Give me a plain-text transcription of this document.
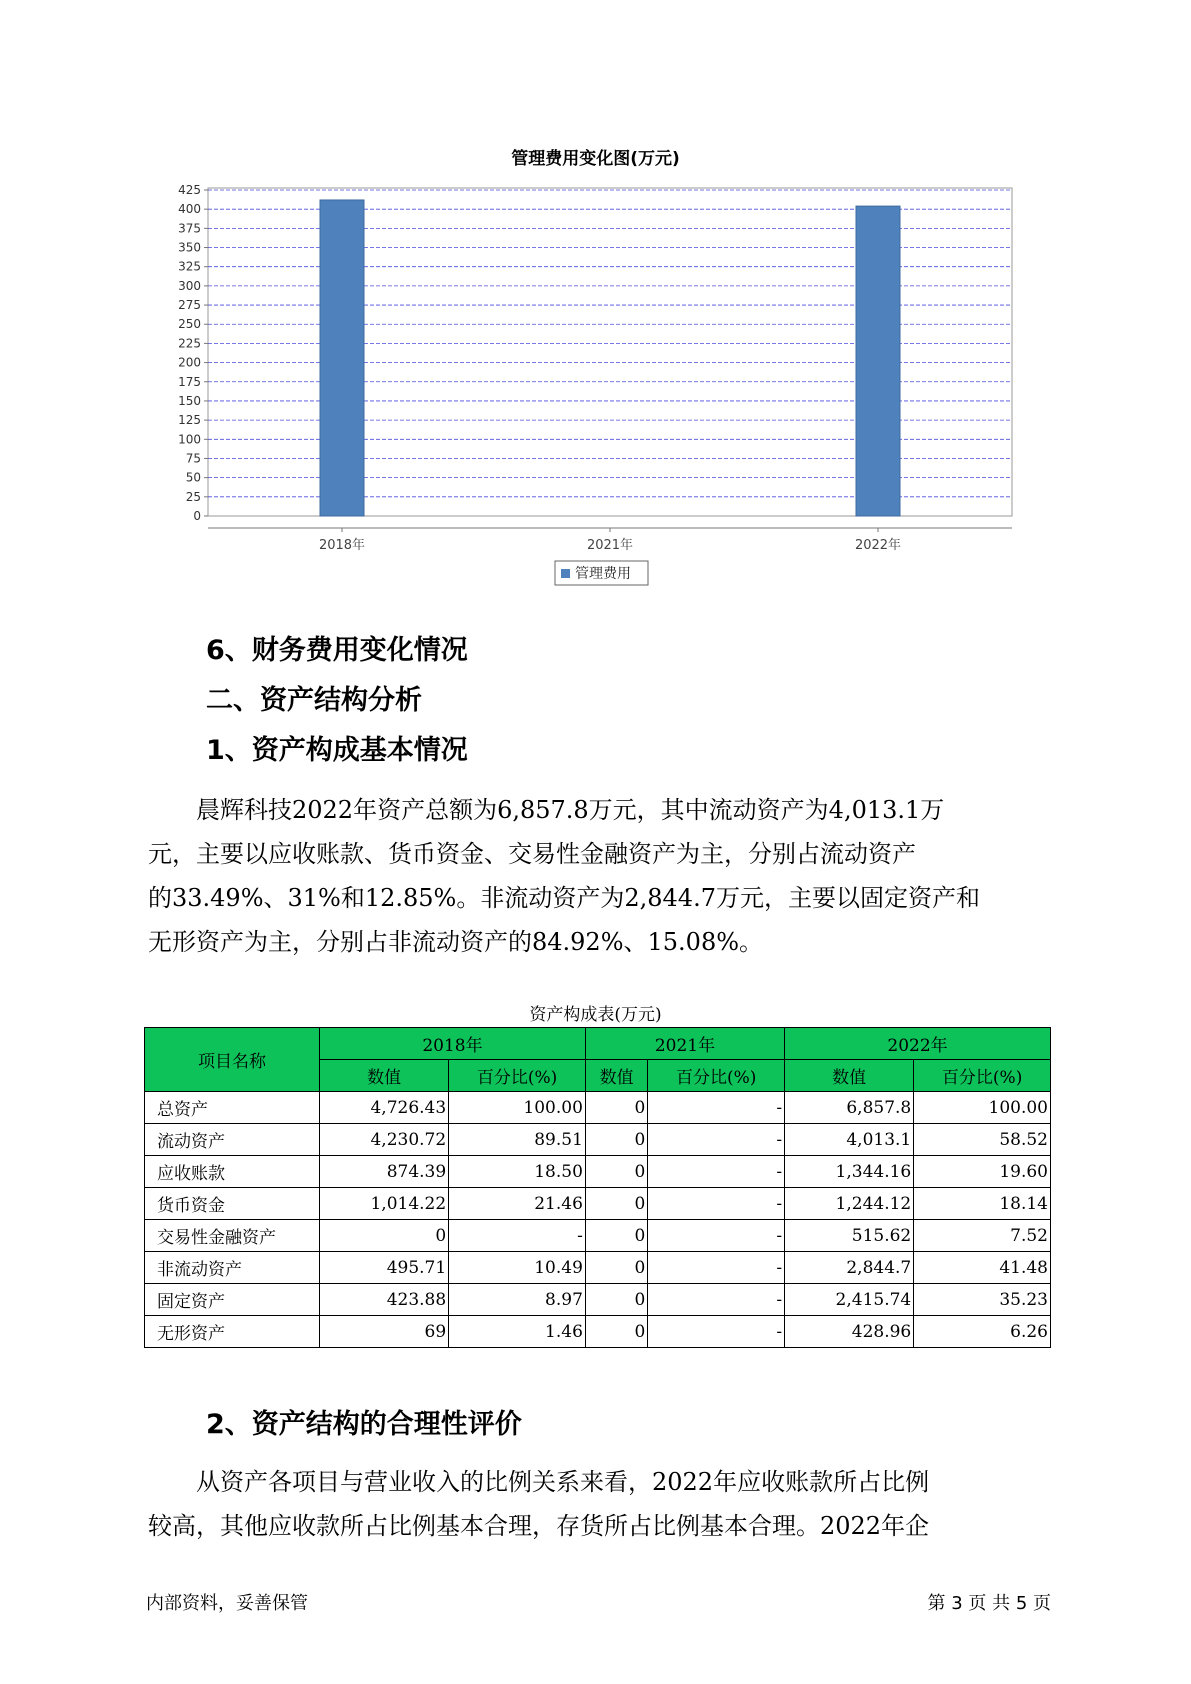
管理费用变化图(万元)
0
25
50
75
100
125
150
175
200
225
250
275
300
325
350
375
400
425
2018年	2021年	2022年
管理费用
6、财务费用变化情况
二、资产结构分析
1、资产构成基本情况
晨辉科技2022年资产总额为6,857.8万元，其中流动资产为4,013.1万
元，主要以应收账款、货币资金、交易性金融资产为主，分别占流动资产
的33.49%、31%和12.85%。非流动资产为2,844.7万元，主要以固定资产和
无形资产为主，分别占非流动资产的84.92%、15.08%。
资产构成表(万元)
项目名称	2018年		2021年		2022年	
	数值	百分比(%)	数值	百分比(%)	数值	百分比(%)
总资产	4,726.43	100.00	0	-	6,857.8	100.00
流动资产	4,230.72	89.51	0	-	4,013.1	58.52
应收账款	874.39	18.50	0	-	1,344.16	19.60
货币资金	1,014.22	21.46	0	-	1,244.12	18.14
交易性金融资产	0	-	0	-	515.62	7.52
非流动资产	495.71	10.49	0	-	2,844.7	41.48
固定资产	423.88	8.97	0	-	2,415.74	35.23
无形资产	69	1.46	0	-	428.96	6.26
2、资产结构的合理性评价
从资产各项目与营业收入的比例关系来看，2022年应收账款所占比例
较高，其他应收款所占比例基本合理，存货所占比例基本合理。2022年企
内部资料，妥善保管	第 3 页 共 5 页
